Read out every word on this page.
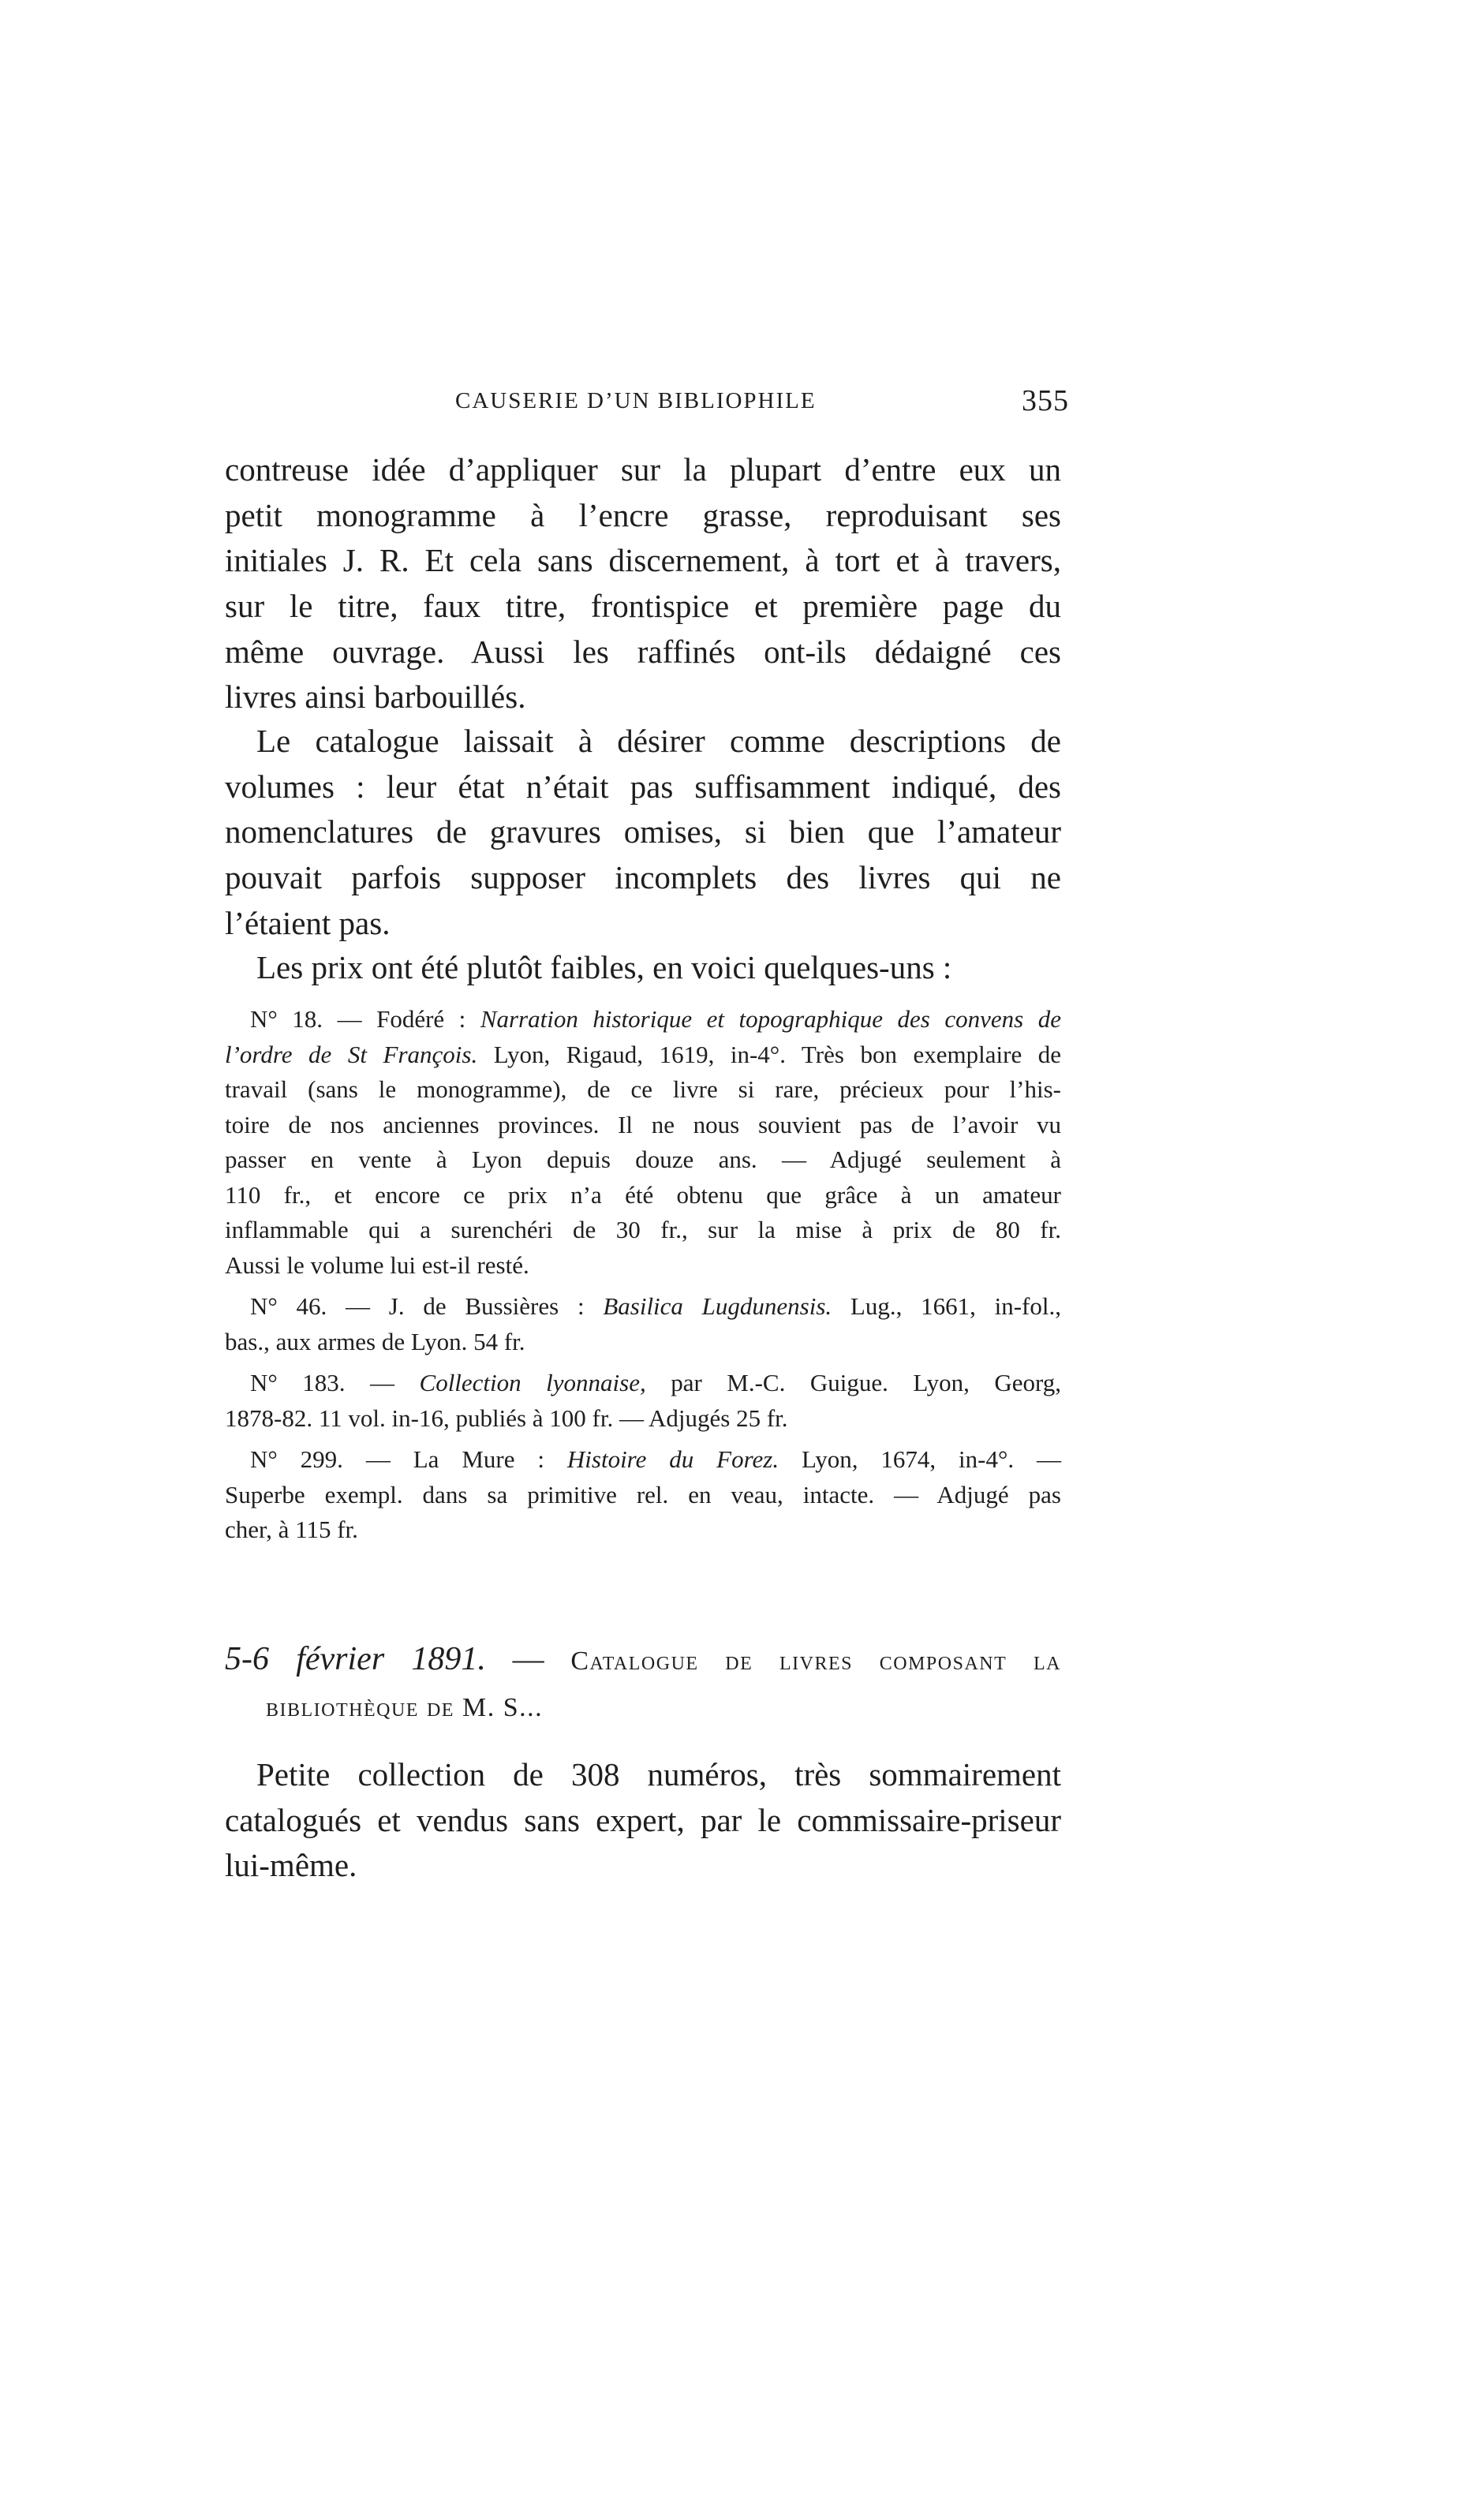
CAUSERIE D’UN BIBLIOPHILE	355
contreuse idée d’appliquer sur la plupart d’entre eux un
petit monogramme à l’encre grasse, reproduisant ses
initiales J. R. Et cela sans discernement, à tort et à travers,
sur le titre, faux titre, frontispice et première page du
même ouvrage. Aussi les raffinés ont-ils dédaigné ces
livres ainsi barbouillés.
Le catalogue laissait à désirer comme descriptions de
volumes : leur état n’était pas suffisamment indiqué, des
nomenclatures de gravures omises, si bien que l’amateur
pouvait parfois supposer incomplets des livres qui ne
l’étaient pas.
Les prix ont été plutôt faibles, en voici quelques-uns :
N° 18. — Fodéré : Narration historique et topographique des convens de
l’ordre de St François. Lyon, Rigaud, 1619, in-4°. Très bon exemplaire de
travail (sans le monogramme), de ce livre si rare, précieux pour l’his-
toire de nos anciennes provinces. Il ne nous souvient pas de l’avoir vu
passer en vente à Lyon depuis douze ans. — Adjugé seulement à
110 fr., et encore ce prix n’a été obtenu que grâce à un amateur
inflammable qui a surenchéri de 30 fr., sur la mise à prix de 80 fr.
Aussi le volume lui est-il resté.
N° 46. — J. de Bussières : Basilica Lugdunensis. Lug., 1661, in-fol.,
bas., aux armes de Lyon. 54 fr.
N° 183. — Collection lyonnaise, par M.-C. Guigue. Lyon, Georg,
1878-82. 11 vol. in-16, publiés à 100 fr. — Adjugés 25 fr.
N° 299. — La Mure : Histoire du Forez. Lyon, 1674, in-4°. —
Superbe exempl. dans sa primitive rel. en veau, intacte. — Adjugé pas
cher, à 115 fr.
5-6 février 1891. — Catalogue de livres composant la
bibliothèque de M. S...
Petite collection de 308 numéros, très sommairement
catalogués et vendus sans expert, par le commissaire-priseur
lui-même.
